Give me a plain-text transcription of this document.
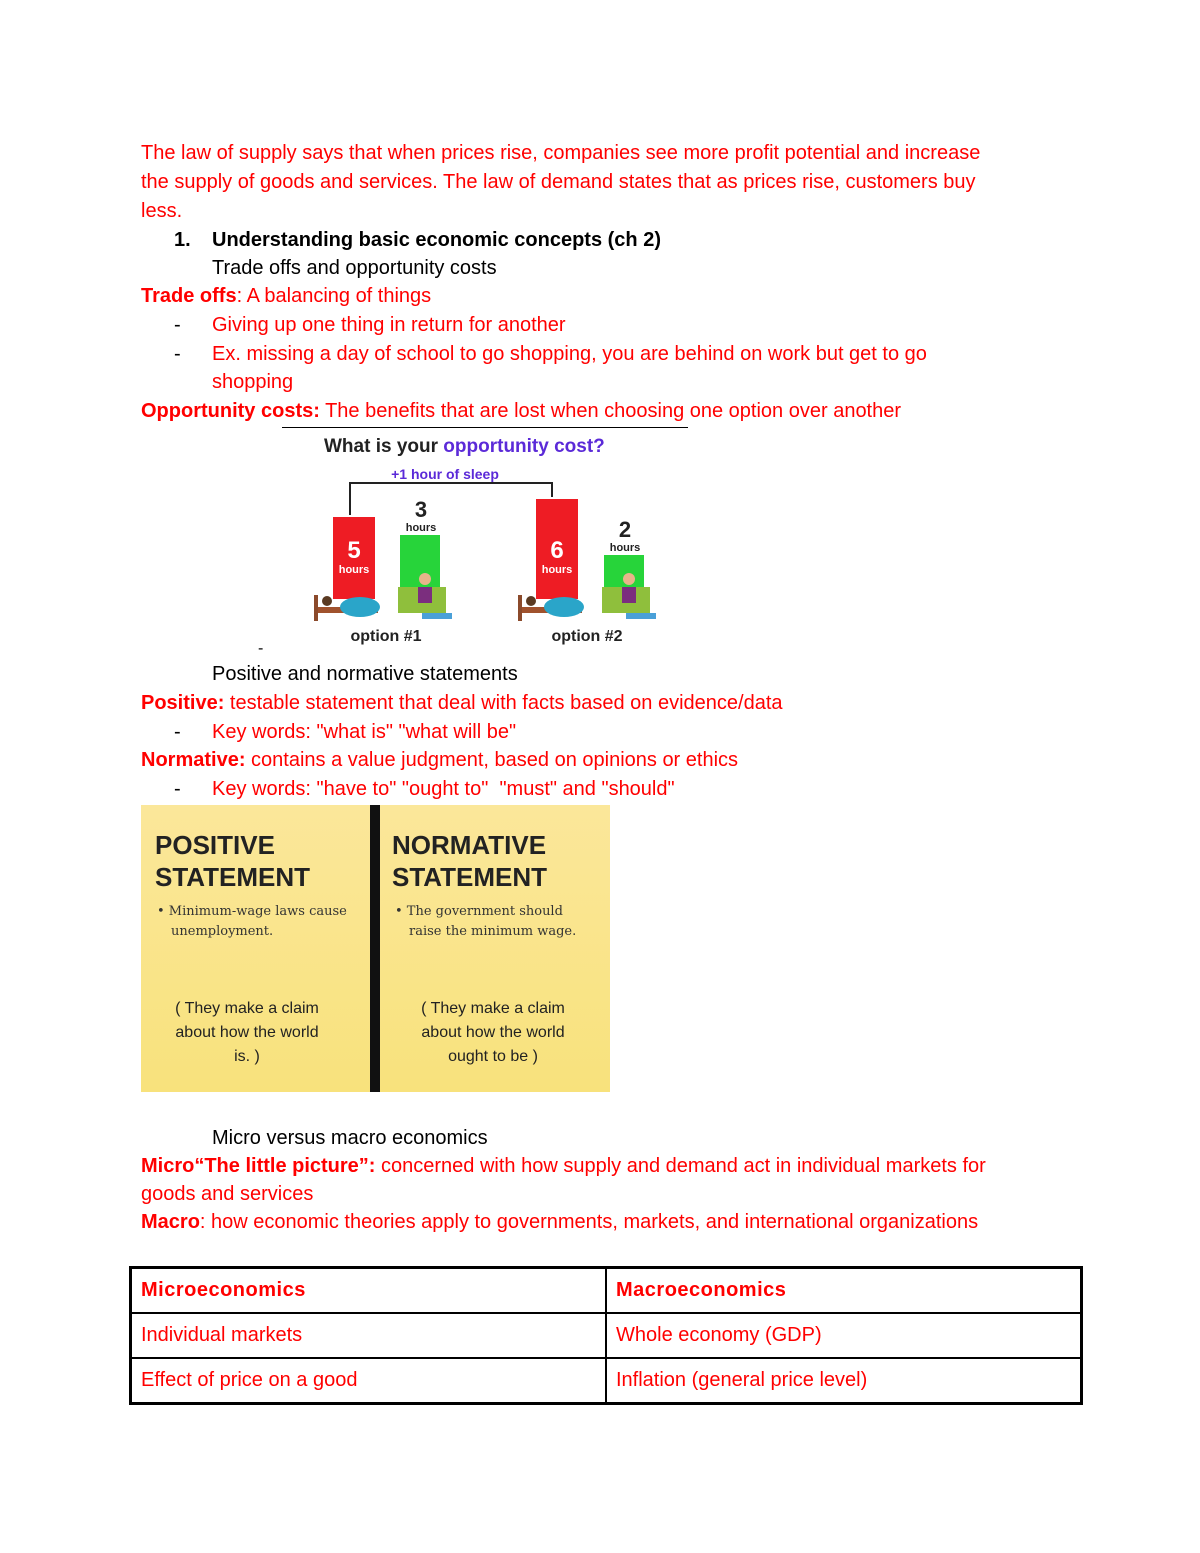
The law of supply says that when prices rise, companies see more profit potential and increase
the supply of goods and services. The law of demand states that as prices rise, customers buy
less.
1. Understanding basic economic concepts (ch 2)
Trade offs and opportunity costs
Trade offs: A balancing of things
- Giving up one thing in return for another
- Ex. missing a day of school to go shopping, you are behind on work but get to go
shopping
Opportunity costs: The benefits that are lost when choosing one option over another
What is your opportunity cost?
+1 hour of sleep
5
hours
3
hours
option #1
6
hours
2
hours
option #2
-
Positive and normative statements
Positive: testable statement that deal with facts based on evidence/data
- Key words: "what is" "what will be"
Normative: contains a value judgment, based on opinions or ethics
- Key words: "have to" "ought to"  "must" and "should"
POSITIVE
STATEMENT
• Minimum-wage laws cause
unemployment.
( They make a claim
about how the world
is. )
NORMATIVE
STATEMENT
• The government should
raise the minimum wage.
( They make a claim
about how the world
ought to be )
Micro versus macro economics
Micro“The little picture”: concerned with how supply and demand act in individual markets for
goods and services
Macro: how economic theories apply to governments, markets, and international organizations
Microeconomics	Macroeconomics
Individual markets	Whole economy (GDP)
Effect of price on a good	Inflation (general price level)
